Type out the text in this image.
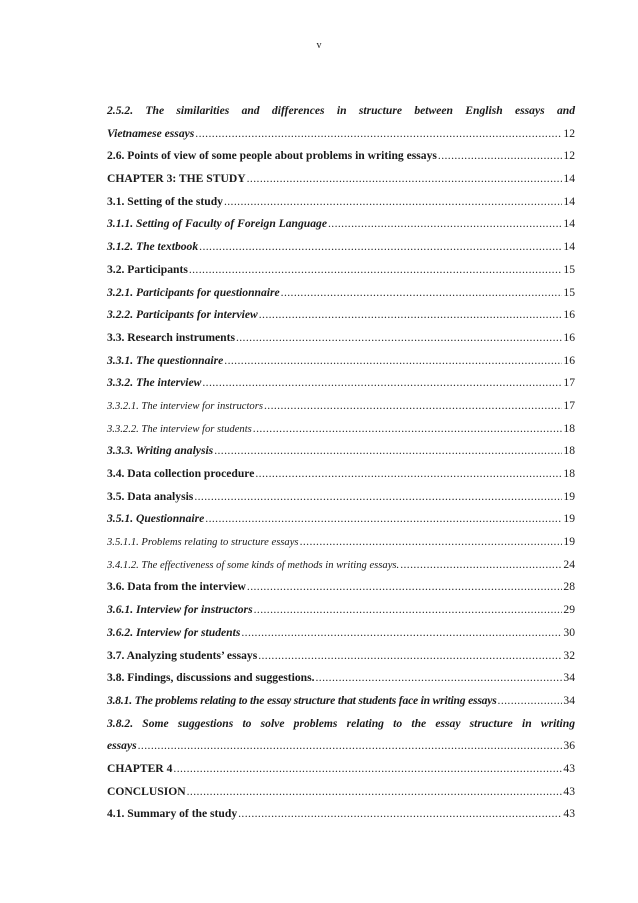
v
2.5.2. The similarities and differences in structure between English essays and
Vietnamese essays .....	12
2.6. Points of view of some people about problems in writing essays .....	12
CHAPTER 3: THE STUDY .....	14
3.1. Setting of the study .....	14
3.1.1. Setting of Faculty of Foreign Language .....	14
3.1.2. The textbook .....	14
3.2. Participants .....	15
3.2.1. Participants for questionnaire .....	15
3.2.2. Participants for interview .....	16
3.3. Research instruments .....	16
3.3.1. The questionnaire .....	16
3.3.2. The interview .....	17
3.3.2.1. The interview for instructors .....	17
3.3.2.2. The interview for students .....	18
3.3.3. Writing analysis .....	18
3.4. Data collection procedure .....	18
3.5. Data analysis .....	19
3.5.1. Questionnaire .....	19
3.5.1.1. Problems relating to structure essays .....	19
3.4.1.2. The effectiveness of some kinds of methods in writing essays. .....	24
3.6. Data from the interview .....	28
3.6.1. Interview for instructors .....	29
3.6.2. Interview for students .....	30
3.7. Analyzing students’ essays .....	32
3.8. Findings, discussions and suggestions. .....	34
3.8.1. The problems relating to the essay structure that students face in writing essays .....	34
3.8.2. Some suggestions to solve problems relating to the essay structure in writing
essays .....	36
CHAPTER 4 .....	43
CONCLUSION .....	43
4.1. Summary of the study .....	43
